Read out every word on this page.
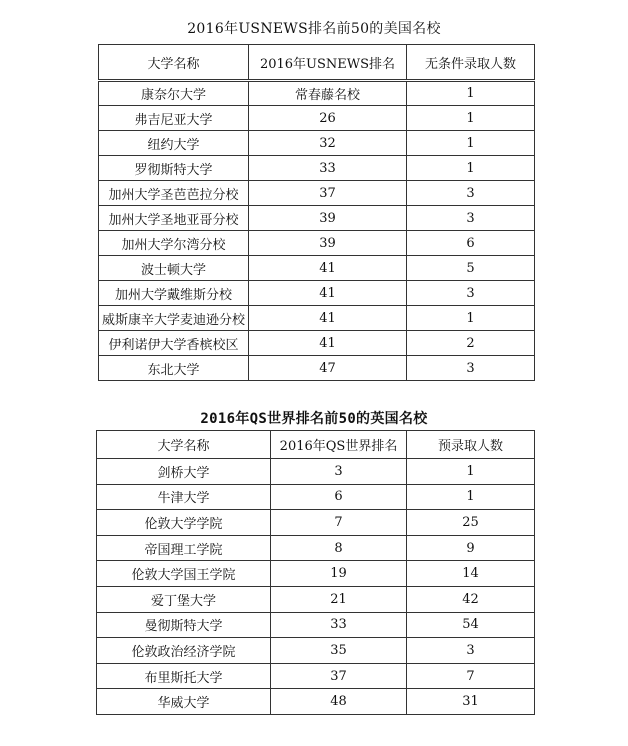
2016年USNEWS排名前50的美国名校
大学名称	2016年USNEWS排名	无条件录取人数
康奈尔大学	常春藤名校	1
弗吉尼亚大学	26	1
纽约大学	32	1
罗彻斯特大学	33	1
加州大学圣芭芭拉分校	37	3
加州大学圣地亚哥分校	39	3
加州大学尔湾分校	39	6
波士顿大学	41	5
加州大学戴维斯分校	41	3
威斯康辛大学麦迪逊分校	41	1
伊利诺伊大学香槟校区	41	2
东北大学	47	3
2016年QS世界排名前50的英国名校
大学名称	2016年QS世界排名	预录取人数
剑桥大学	3	1
牛津大学	6	1
伦敦大学学院	7	25
帝国理工学院	8	9
伦敦大学国王学院	19	14
爱丁堡大学	21	42
曼彻斯特大学	33	54
伦敦政治经济学院	35	3
布里斯托大学	37	7
华威大学	48	31
